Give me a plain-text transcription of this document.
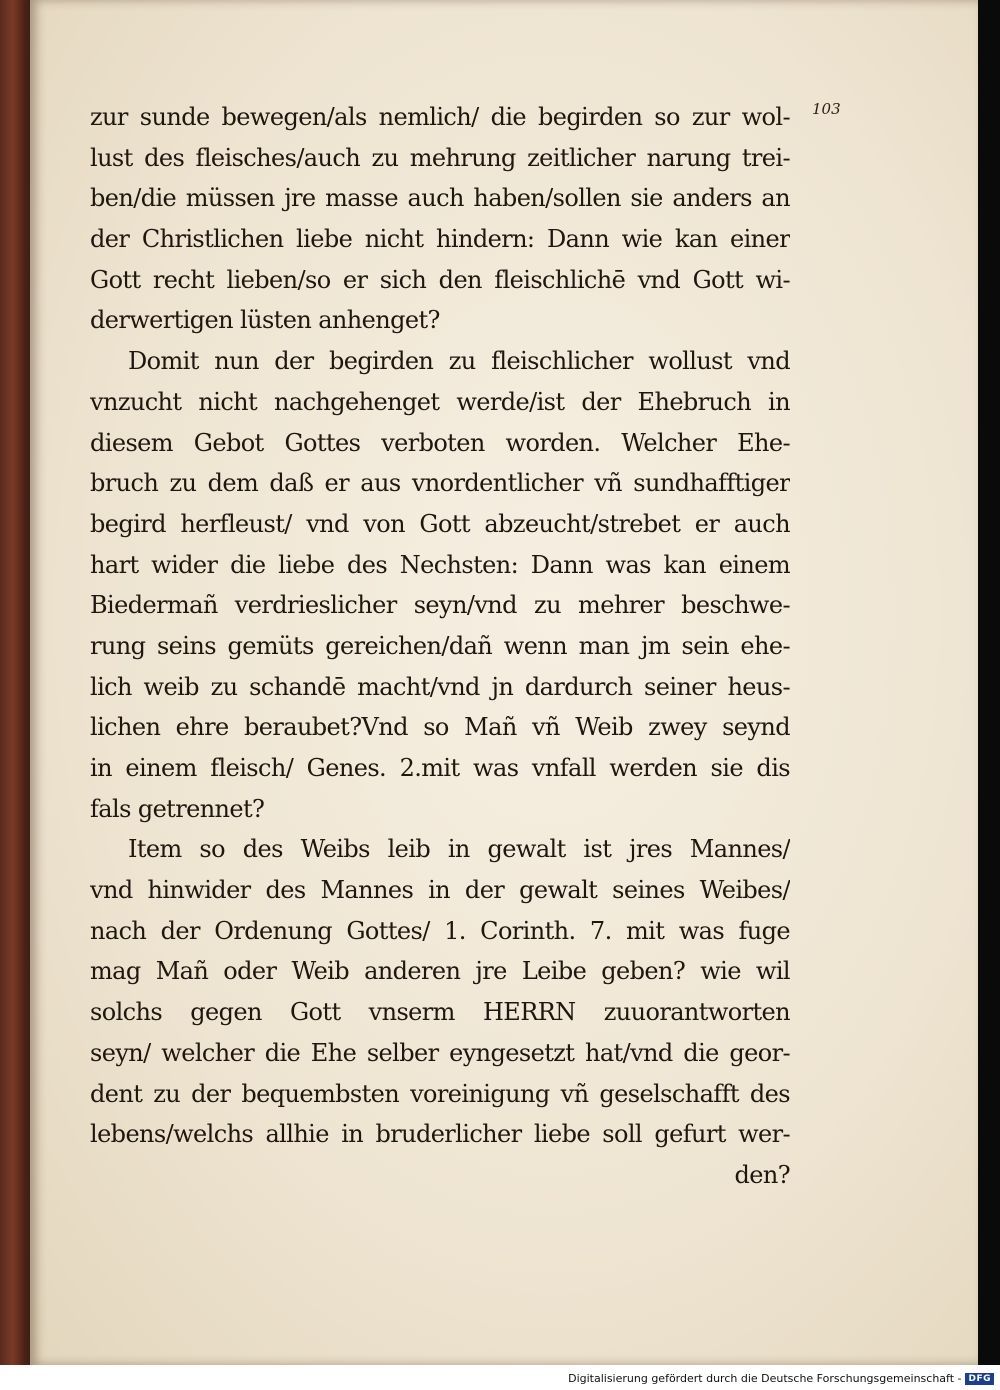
103
zur sunde bewegen/als nemlich/ die begirden so zur wol-
lust des fleisches/auch zu mehrung zeitlicher narung trei-
ben/die müssen jre masse auch haben/sollen sie anders an
der Christlichen liebe nicht hindern: Dann wie kan einer
Gott recht lieben/so er sich den fleischlichē vnd Gott wi-
derwertigen lüsten anhenget?
Domit nun der begirden zu fleischlicher wollust vnd
vnzucht nicht nachgehenget werde/ist der Ehebruch in
diesem Gebot Gottes verboten worden. Welcher Ehe-
bruch zu dem daß er aus vnordentlicher vñ sundhafftiger
begird herfleust/ vnd von Gott abzeucht/strebet er auch
hart wider die liebe des Nechsten: Dann was kan einem
Biedermañ verdrieslicher seyn/vnd zu mehrer beschwe-
rung seins gemüts gereichen/dañ wenn man jm sein ehe-
lich weib zu schandē macht/vnd jn dardurch seiner heus-
lichen ehre beraubet?Vnd so Mañ vñ Weib zwey seynd
in einem fleisch/ Genes. 2.mit was vnfall werden sie dis
fals getrennet?
Item so des Weibs leib in gewalt ist jres Mannes/
vnd hinwider des Mannes in der gewalt seines Weibes/
nach der Ordenung Gottes/ 1. Corinth. 7. mit was fuge
mag Mañ oder Weib anderen jre Leibe geben? wie wil
solchs gegen Gott vnserm HERRN zuuorantworten
seyn/ welcher die Ehe selber eyngesetzt hat/vnd die geor-
dent zu der bequembsten voreinigung vñ geselschafft des
lebens/welchs allhie in bruderlicher liebe soll gefurt wer-
den?
Digitalisierung gefördert durch die Deutsche Forschungsgemeinschaft - DFG
